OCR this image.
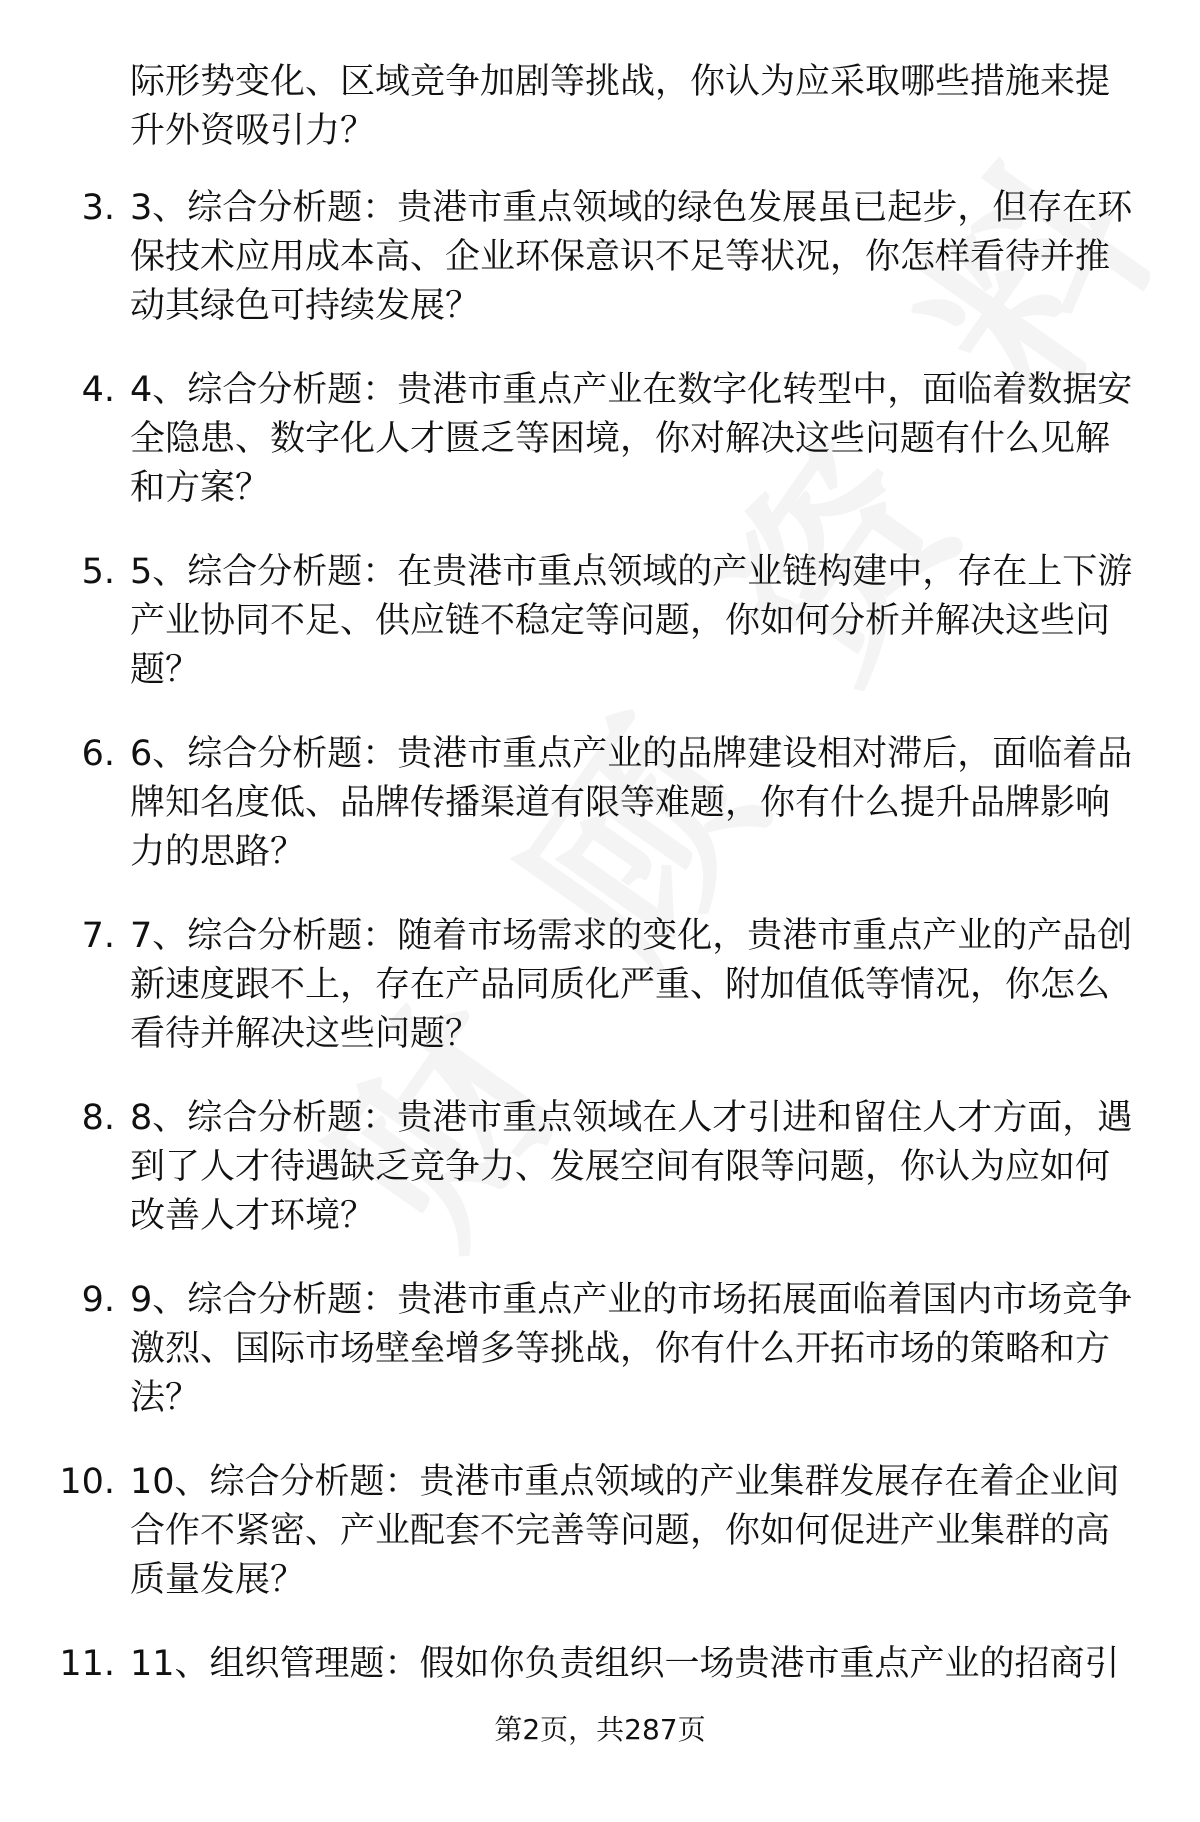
际形势变化、区域竞争加剧等挑战，你认为应采取哪些措施来提
升外资吸引力？
3. 3、综合分析题：贵港市重点领域的绿色发展虽已起步，但存在环
保技术应用成本高、企业环保意识不足等状况，你怎样看待并推
动其绿色可持续发展？
4. 4、综合分析题：贵港市重点产业在数字化转型中，面临着数据安
全隐患、数字化人才匮乏等困境，你对解决这些问题有什么见解
和方案？
5. 5、综合分析题：在贵港市重点领域的产业链构建中，存在上下游
产业协同不足、供应链不稳定等问题，你如何分析并解决这些问
题？
6. 6、综合分析题：贵港市重点产业的品牌建设相对滞后，面临着品
牌知名度低、品牌传播渠道有限等难题，你有什么提升品牌影响
力的思路？
7. 7、综合分析题：随着市场需求的变化，贵港市重点产业的产品创
新速度跟不上，存在产品同质化严重、附加值低等情况，你怎么
看待并解决这些问题？
8. 8、综合分析题：贵港市重点领域在人才引进和留住人才方面，遇
到了人才待遇缺乏竞争力、发展空间有限等问题，你认为应如何
改善人才环境？
9. 9、综合分析题：贵港市重点产业的市场拓展面临着国内市场竞争
激烈、国际市场壁垒增多等挑战，你有什么开拓市场的策略和方
法？
10. 10、综合分析题：贵港市重点领域的产业集群发展存在着企业间
合作不紧密、产业配套不完善等问题，你如何促进产业集群的高
质量发展？
11. 11、组织管理题：假如你负责组织一场贵港市重点产业的招商引
第2页，共287页
